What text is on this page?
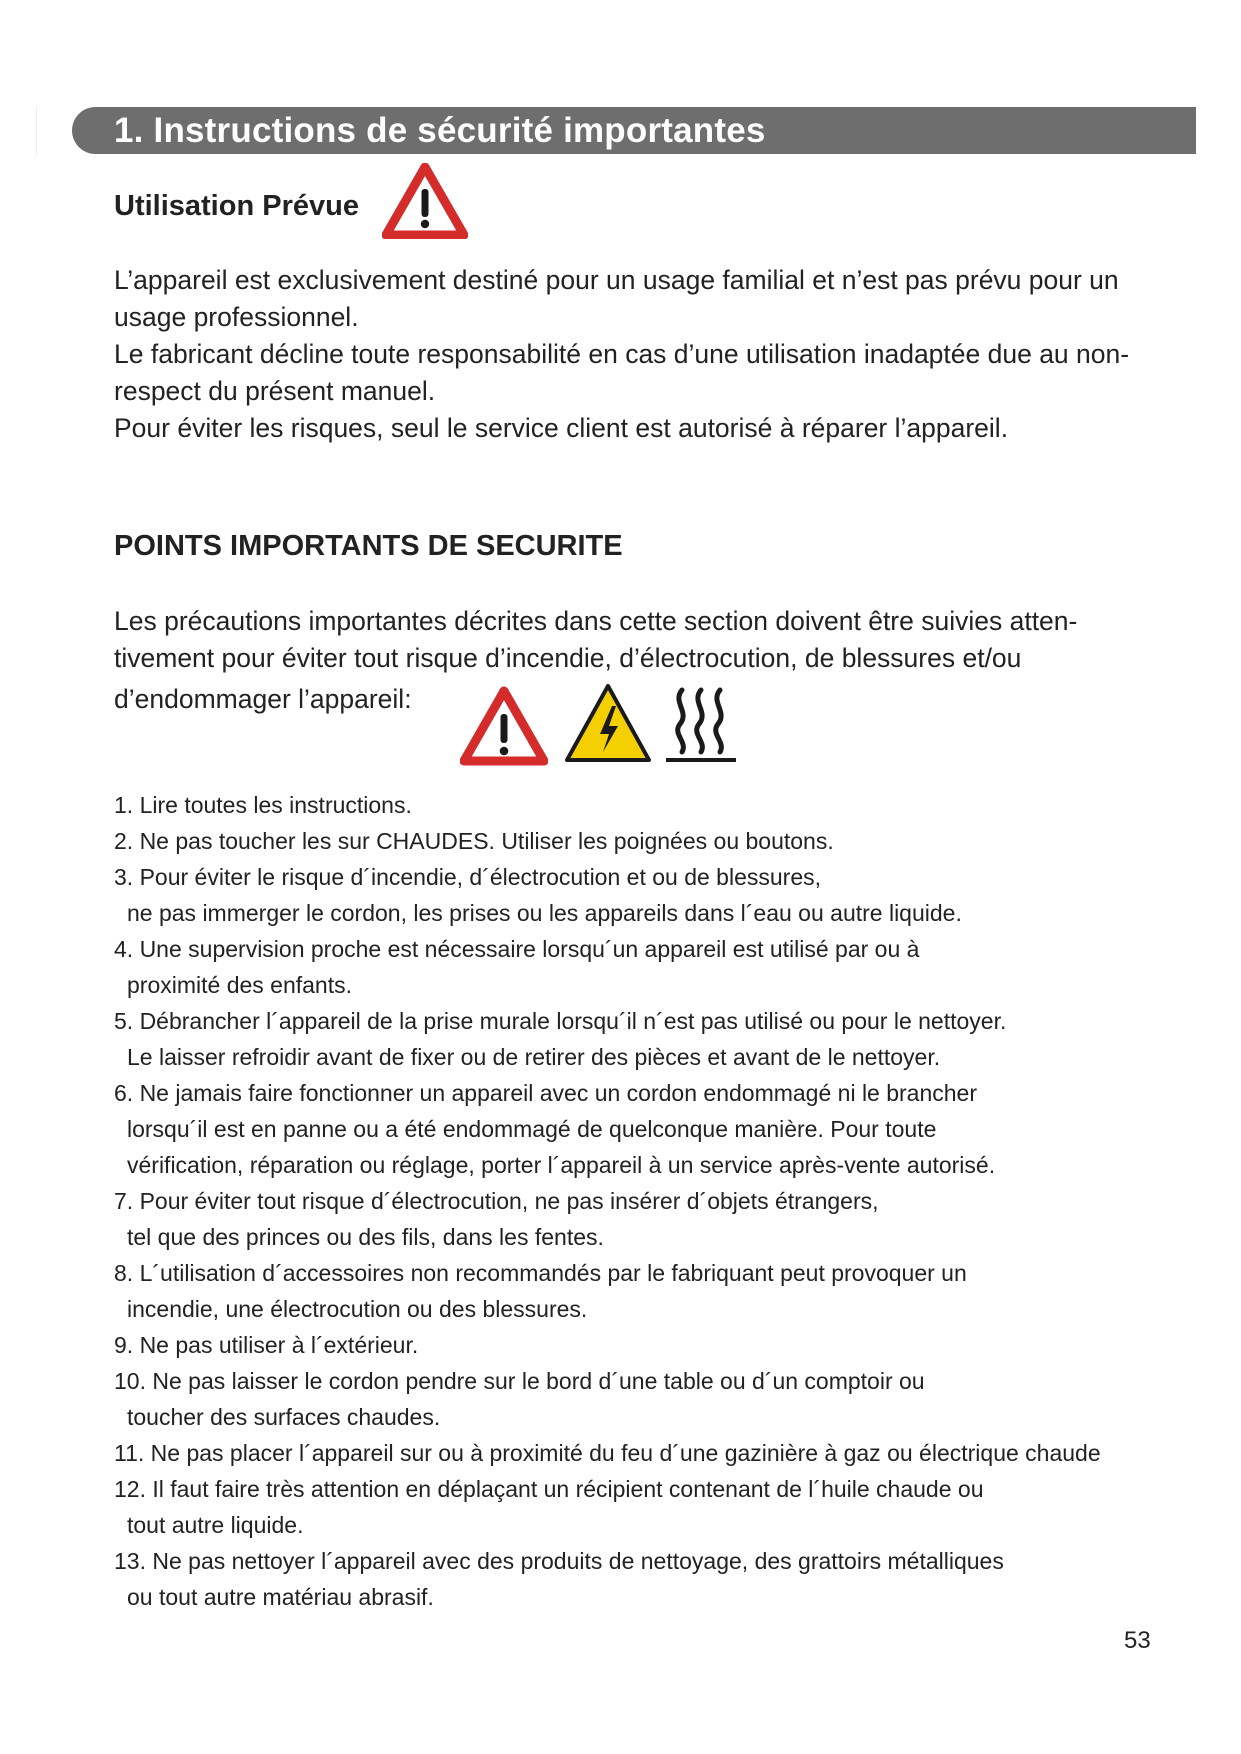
1. Instructions de sécurité importantes
Utilisation Prévue

L’appareil est exclusivement destiné pour un usage familial et n’est pas prévu pour un usage professionnel.

Le fabricant décline toute responsabilité en cas d’une utilisation inadaptée due au non-respect du présent manuel.

Pour éviter les risques, seul le service client est autorisé à réparer l’appareil.

POINTS IMPORTANTS DE SECURITE

Les précautions importantes décrites dans cette section doivent être suivies atten-

tivement pour éviter tout risque d’incendie, d’électrocution, de blessures et/ou

d’endommager l’appareil:

1. Lire toutes les instructions.
2. Ne pas toucher les sur CHAUDES. Utiliser les poignées ou boutons.
3. Pour éviter le risque d´incendie, d´électrocution et ou de blessures,
ne pas immerger le cordon, les prises ou les appareils dans l´eau ou autre liquide.
4. Une supervision proche est nécessaire lorsqu´un appareil est utilisé par ou à
proximité des enfants.
5. Débrancher l´appareil de la prise murale lorsqu´il n´est pas utilisé ou pour le nettoyer.
Le laisser refroidir avant de fixer ou de retirer des pièces et avant de le nettoyer.
6. Ne jamais faire fonctionner un appareil avec un cordon endommagé ni le brancher
lorsqu´il est en panne ou a été endommagé de quelconque manière. Pour toute
vérification, réparation ou réglage, porter l´appareil à un service après-vente autorisé.
7. Pour éviter tout risque d´électrocution, ne pas insérer d´objets étrangers,
tel que des princes ou des fils, dans les fentes.
8. L´utilisation d´accessoires non recommandés par le fabriquant peut provoquer un
incendie, une électrocution ou des blessures.
9. Ne pas utiliser à l´extérieur.
10. Ne pas laisser le cordon pendre sur le bord d´une table ou d´un comptoir ou
toucher des surfaces chaudes.
11. Ne pas placer l´appareil sur ou à proximité du feu d´une gazinière à gaz ou électrique chaude
12. Il faut faire très attention en déplaçant un récipient contenant de l´huile chaude ou
tout autre liquide.
13. Ne pas nettoyer l´appareil avec des produits de nettoyage, des grattoirs métalliques
ou tout autre matériau abrasif.
53
